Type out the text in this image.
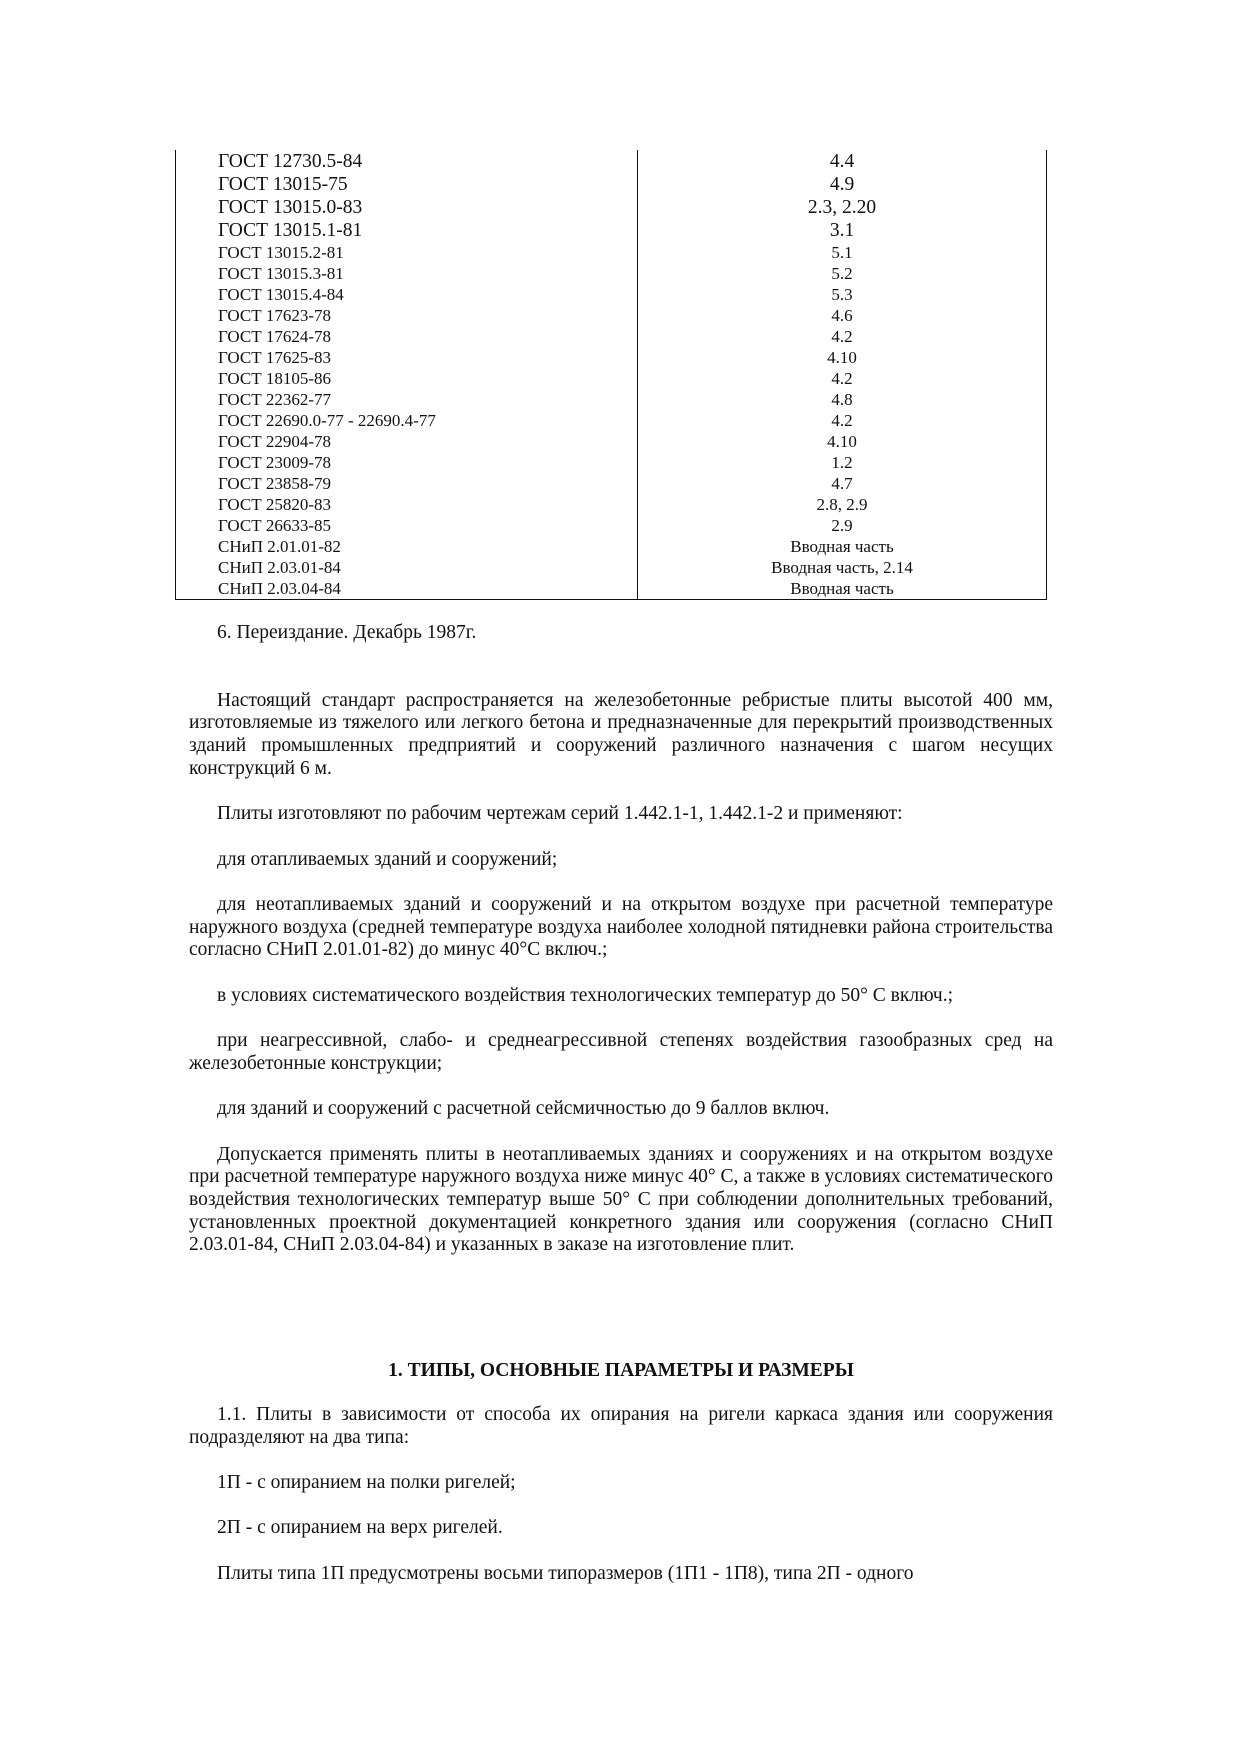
ГОСТ 12730.5-84	4.4
ГОСТ 13015-75	4.9
ГОСТ 13015.0-83	2.3, 2.20
ГОСТ 13015.1-81	3.1
ГОСТ 13015.2-81	5.1
ГОСТ 13015.3-81	5.2
ГОСТ 13015.4-84	5.3
ГОСТ 17623-78	4.6
ГОСТ 17624-78	4.2
ГОСТ 17625-83	4.10
ГОСТ 18105-86	4.2
ГОСТ 22362-77	4.8
ГОСТ 22690.0-77 - 22690.4-77	4.2
ГОСТ 22904-78	4.10
ГОСТ 23009-78	1.2
ГОСТ 23858-79	4.7
ГОСТ 25820-83	2.8, 2.9
ГОСТ 26633-85	2.9
СНиП 2.01.01-82	Вводная часть
СНиП 2.03.01-84	Вводная часть, 2.14
СНиП 2.03.04-84	Вводная часть

6. Переиздание. Декабрь 1987г.

Настоящий стандарт распространяется на железобетонные ребристые плиты высотой 400 мм, изготовляемые из тяжелого или легкого бетона и предназначенные для перекрытий производственных зданий промышленных предприятий и сооружений различного назначения с шагом несущих конструкций 6 м.

Плиты изготовляют по рабочим чертежам серий 1.442.1-1, 1.442.1-2 и применяют:

для отапливаемых зданий и сооружений;

для неотапливаемых зданий и сооружений и на открытом воздухе при расчетной температуре наружного воздуха (средней температуре воздуха наиболее холодной пятидневки района строительства согласно СНиП 2.01.01-82) до минус 40°С включ.;

в условиях систематического воздействия технологических температур до 50° С включ.;

при неагрессивной, слабо- и среднеагрессивной степенях воздействия газообразных сред на железобетонные конструкции;

для зданий и сооружений с расчетной сейсмичностью до 9 баллов включ.

Допускается применять плиты в неотапливаемых зданиях и сооружениях и на открытом воздухе при расчетной температуре наружного воздуха ниже минус 40° С, а также в условиях систематического воздействия технологических температур выше 50° С при соблюдении дополнительных требований, установленных проектной документацией конкретного здания или сооружения (согласно СНиП 2.03.01-84, СНиП 2.03.04-84) и указанных в заказе на изготовление плит.

1. ТИПЫ, ОСНОВНЫЕ ПАРАМЕТРЫ И РАЗМЕРЫ

1.1. Плиты в зависимости от способа их опирания на ригели каркаса здания или сооружения подразделяют на два типа:

1П - с опиранием на полки ригелей;

2П - с опиранием на верх ригелей.

Плиты типа 1П предусмотрены восьми типоразмеров (1П1 - 1П8), типа 2П - одного
